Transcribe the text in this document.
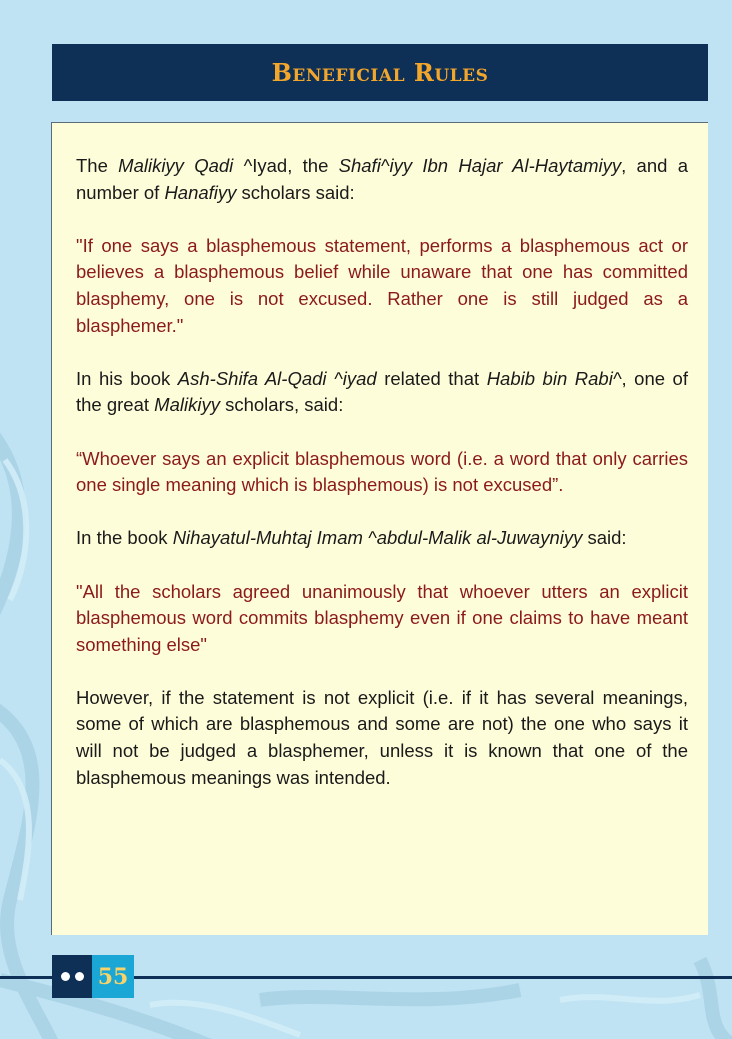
Beneficial Rules

The Malikiyy Qadi ^Iyad, the Shafi^iyy Ibn Hajar Al-Haytamiyy, and a number of Hanafiyy scholars said:

"If one says a blasphemous statement, performs a blasphemous act or believes a blasphemous belief while unaware that one has committed blasphemy, one is not excused. Rather one is still judged as a blasphemer."

In his book Ash-Shifa Al-Qadi ^iyad related that Habib bin Rabi^, one of the great Malikiyy scholars, said:

“Whoever says an explicit blasphemous word (i.e. a word that only carries one single meaning which is blasphemous) is not excused”.

In the book Nihayatul-Muhtaj Imam ^abdul-Malik al-Juwayniyy said:

"All the scholars agreed unanimously that whoever utters an explicit blasphemous word commits blasphemy even if one claims to have meant something else"

However, if the statement is not explicit (i.e. if it has several meanings, some of which are blasphemous and some are not) the one who says it will not be judged a blasphemer, unless it is known that one of the blasphemous meanings was intended.

55
